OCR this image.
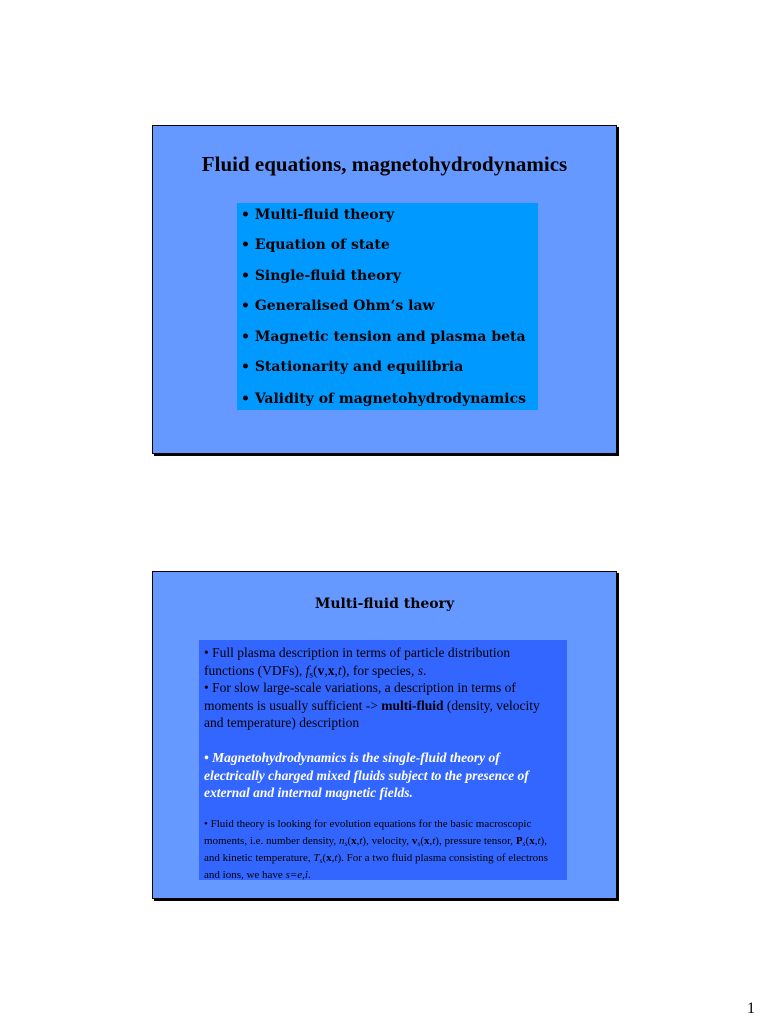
Fluid equations, magnetohydrodynamics
• Multi-fluid theory
• Equation of state
• Single-fluid theory
• Generalised Ohm‘s law
• Magnetic tension and plasma beta
• Stationarity and equilibria
• Validity of magnetohydrodynamics
Multi-fluid theory
• Full plasma description in terms of particle distribution functions (VDFs), $f_s(v,x,t)$, for species, s.
• For slow large-scale variations, a description in terms of moments is usually sufficient -> multi-fluid (density, velocity and temperature) description
• Magnetohydrodynamics is the single-fluid theory of electrically charged mixed fluids subject to the presence of external and internal magnetic fields.
• Fluid theory is looking for evolution equations for the basic macroscopic moments, i.e. number density, $n_s(x,t)$, velocity, $v_s(x,t)$, pressure tensor, $P_s(x,t)$, and kinetic temperature, $T_s(x,t)$. For a two fluid plasma consisting of electrons and ions, we have s=e,i.
1
